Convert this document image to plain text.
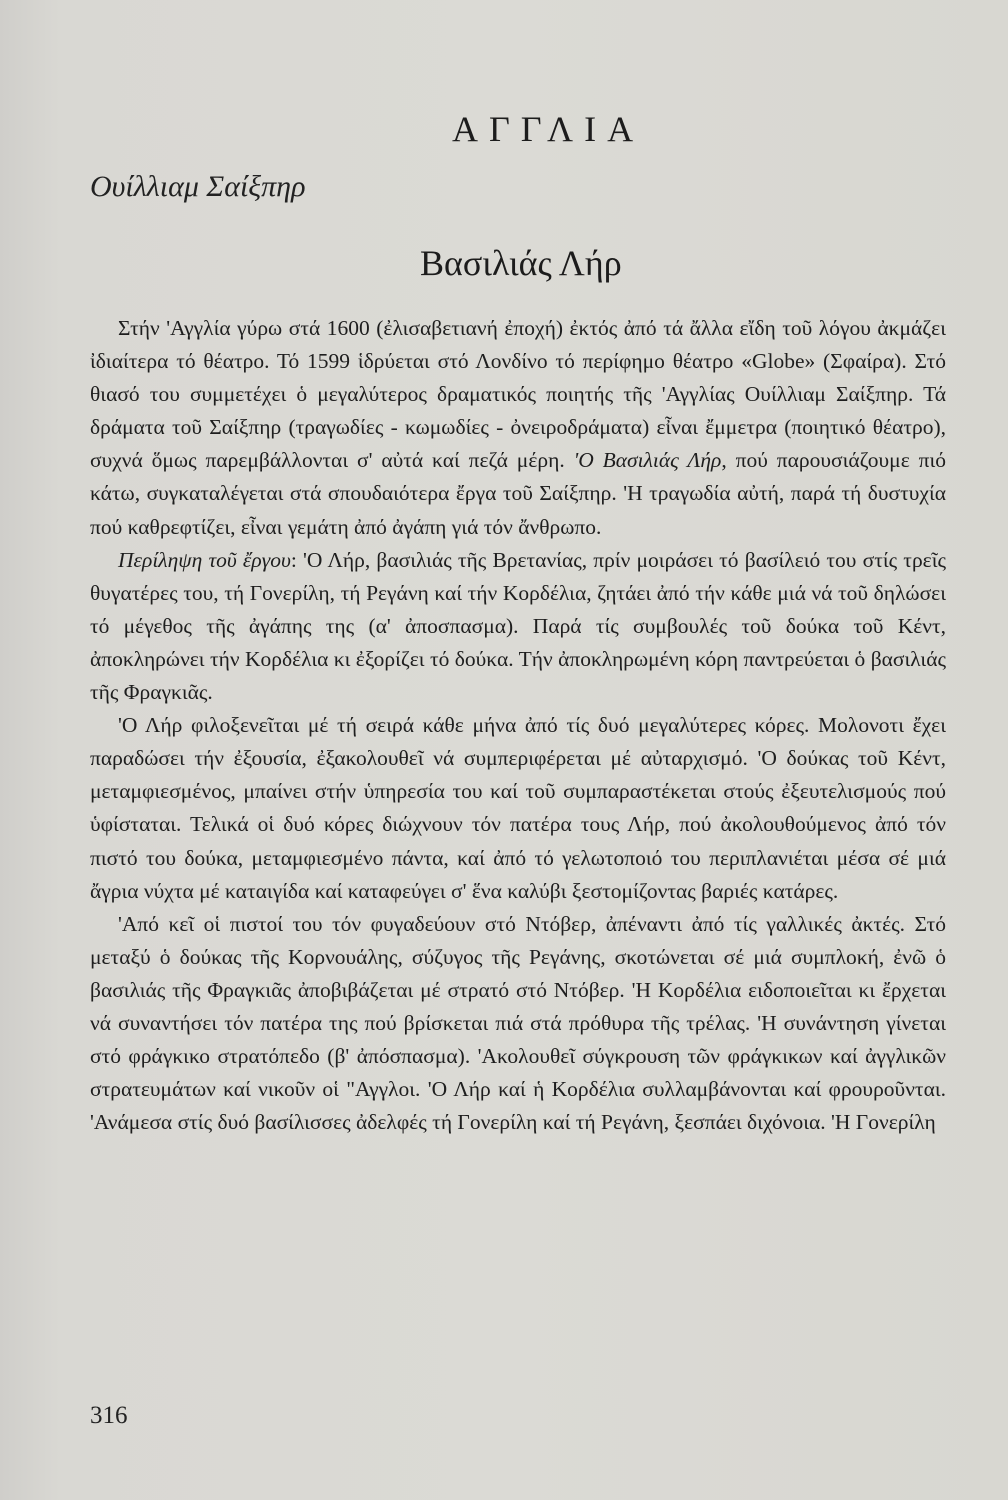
ΑΓΓΛΙΑ
Ουίλλιαμ Σαίξπηρ
Βασιλιάς Λήρ

Στήν 'Αγγλία γύρω στά 1600 (ἐλισαβετιανή ἐποχή) ἐκτός ἀπό τά ἄλλα εἴδη τοῦ λόγου ἀκμάζει ἰδιαίτερα τό θέατρο. Τό 1599 ἱδρύεται στό Λονδίνο τό περίφημο θέατρο «Globe» (Σφαίρα). Στό θιασό του συμμετέχει ὁ μεγαλύτερος δραματικός ποιητής τῆς 'Αγγλίας Ουίλλιαμ Σαίξπηρ. Τά δράματα τοῦ Σαίξπηρ (τραγωδίες - κωμωδίες - ὀνειροδράματα) εἶναι ἔμμετρα (ποιητικό θέατρο), συχνά ὅμως παρεμβάλλονται σ' αὐτά καί πεζά μέρη. 'Ο Βασιλιάς Λήρ, πού παρουσιάζουμε πιό κάτω, συγκαταλέγεται στά σπουδαιότερα ἔργα τοῦ Σαίξπηρ. 'Η τραγωδία αὐτή, παρά τή δυστυχία πού καθρεφτίζει, εἶναι γεμάτη ἀπό ἀγάπη γιά τόν ἄνθρωπο.

Περίληψη τοῦ ἔργου: 'Ο Λήρ, βασιλιάς τῆς Βρετανίας, πρίν μοιράσει τό βασίλειό του στίς τρεῖς θυγατέρες του, τή Γονερίλη, τή Ρεγάνη καί τήν Κορδέλια, ζητάει ἀπό τήν κάθε μιά νά τοῦ δηλώσει τό μέγεθος τῆς ἀγάπης της (α' ἀποσπασμα). Παρά τίς συμβουλές τοῦ δούκα τοῦ Κέντ, ἀποκληρώνει τήν Κορδέλια κι ἐξορίζει τό δούκα. Τήν ἀποκληρωμένη κόρη παντρεύεται ὁ βασιλιάς τῆς Φραγκιᾶς.

'Ο Λήρ φιλοξενεῖται μέ τή σειρά κάθε μήνα ἀπό τίς δυό μεγαλύτερες κόρες. Μολονοτι ἔχει παραδώσει τήν ἐξουσία, ἐξακολουθεῖ νά συμπεριφέρεται μέ αὐταρχισμό. 'Ο δούκας τοῦ Κέντ, μεταμφιεσμένος, μπαίνει στήν ὑπηρεσία του καί τοῦ συμπαραστέκεται στούς ἐξευτελισμούς πού ὑφίσταται. Τελικά οἱ δυό κόρες διώχνουν τόν πατέρα τους Λήρ, πού ἀκολουθούμενος ἀπό τόν πιστό του δούκα, μεταμφιεσμένο πάντα, καί ἀπό τό γελωτοποιό του περιπλανιέται μέσα σέ μιά ἄγρια νύχτα μέ καταιγίδα καί καταφεύγει σ' ἕνα καλύβι ξεστομίζοντας βαριές κατάρες.

'Από κεῖ οἱ πιστοί του τόν φυγαδεύουν στό Ντόβερ, ἀπέναντι ἀπό τίς γαλλικές ἀκτές. Στό μεταξύ ὁ δούκας τῆς Κορνουάλης, σύζυγος τῆς Ρεγάνης, σκοτώνεται σέ μιά συμπλοκή, ἐνῶ ὁ βασιλιάς τῆς Φραγκιᾶς ἀποβιβάζεται μέ στρατό στό Ντόβερ. 'Η Κορδέλια ειδοποιεῖται κι ἔρχεται νά συναντήσει τόν πατέρα της πού βρίσκεται πιά στά πρόθυρα τῆς τρέλας. 'Η συνάντηση γίνεται στό φράγκικο στρατόπεδο (β' ἀπόσπασμα). 'Ακολουθεῖ σύγκρουση τῶν φράγκικων καί ἀγγλικῶν στρατευμάτων καί νικοῦν οἱ "Αγγλοι. 'Ο Λήρ καί ἡ Κορδέλια συλλαμβάνονται καί φρουροῦνται. 'Ανάμεσα στίς δυό βασίλισσες ἀδελφές τή Γονερίλη καί τή Ρεγάνη, ξεσπάει διχόνοια. 'Η Γονερίλη

316
